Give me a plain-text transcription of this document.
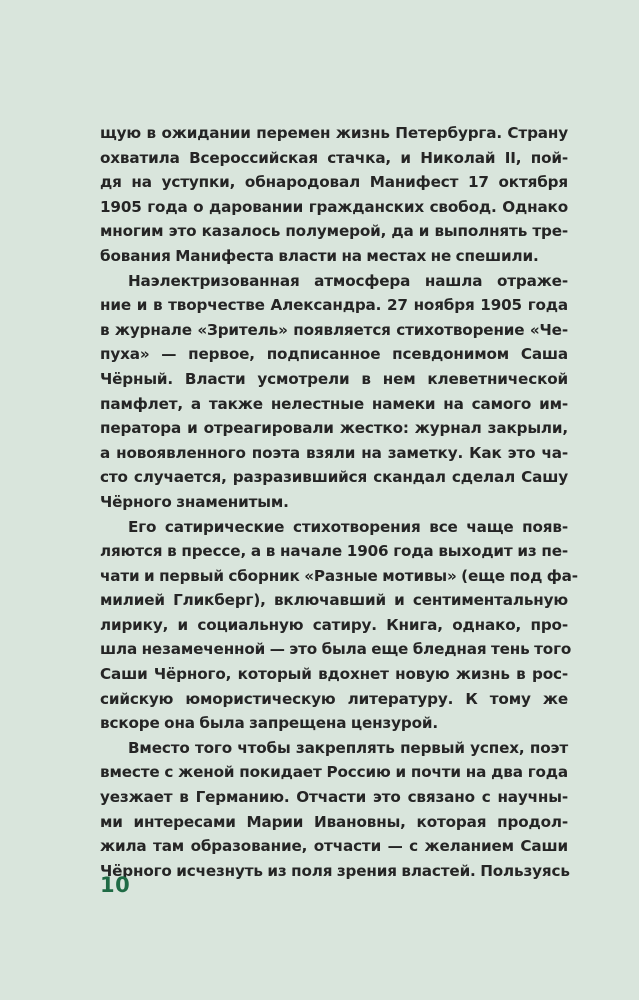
щую в ожидании перемен жизнь Петербурга. Страну
охватила Всероссийская стачка, и Николай II, пой-
дя на уступки, обнародовал Манифест 17 октября
1905 года о даровании гражданских свобод. Однако
многим это казалось полумерой, да и выполнять тре-
бования Манифеста власти на местах не спешили.
Наэлектризованная атмосфера нашла отраже-
ние и в творчестве Александра. 27 ноября 1905 года
в журнале «Зритель» появляется стихотворение «Че-
пуха» — первое, подписанное псевдонимом Саша
Чёрный. Власти усмотрели в нем клеветнической
памфлет, а также нелестные намеки на самого им-
ператора и отреагировали жестко: журнал закрыли,
а новоявленного поэта взяли на заметку. Как это ча-
сто случается, разразившийся скандал сделал Сашу
Чёрного знаменитым.
Его сатирические стихотворения все чаще появ-
ляются в прессе, а в начале 1906 года выходит из пе-
чати и первый сборник «Разные мотивы» (еще под фа-
милией Гликберг), включавший и сентиментальную
лирику, и социальную сатиру. Книга, однако, про-
шла незамеченной — это была еще бледная тень того
Саши Чёрного, который вдохнет новую жизнь в рос-
сийскую юмористическую литературу. К тому же
вскоре она была запрещена цензурой.
Вместо того чтобы закреплять первый успех, поэт
вместе с женой покидает Россию и почти на два года
уезжает в Германию. Отчасти это связано с научны-
ми интересами Марии Ивановны, которая продол-
жила там образование, отчасти — с желанием Саши
Чёрного исчезнуть из поля зрения властей. Пользуясь
10
